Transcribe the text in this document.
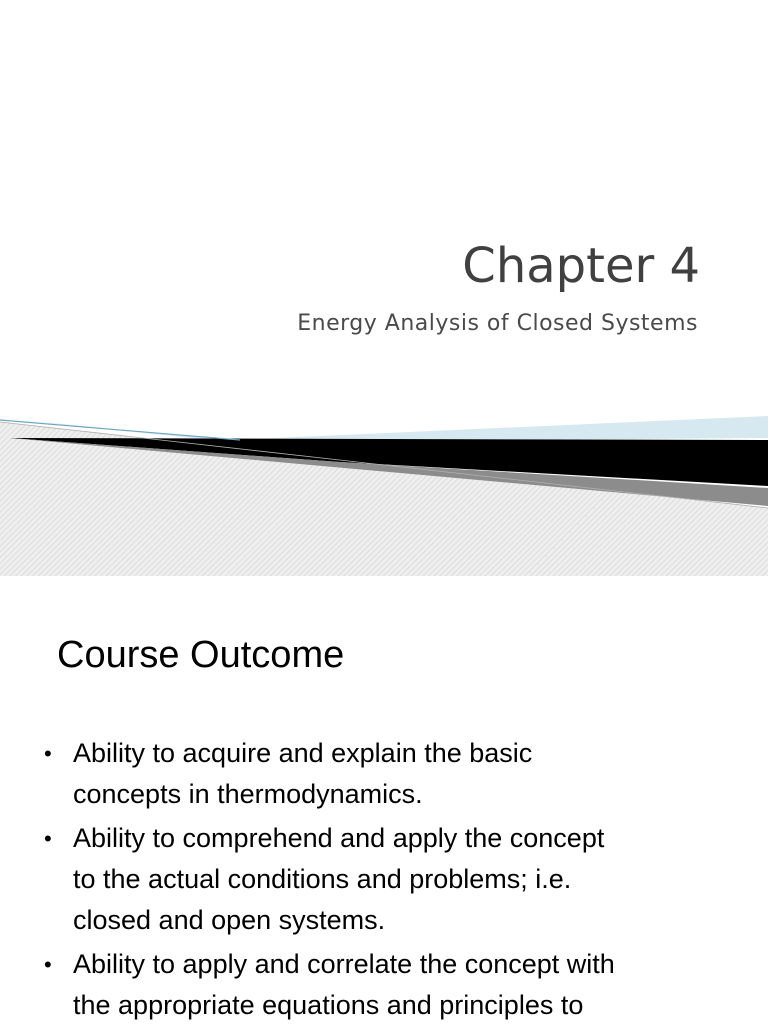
Chapter 4
Energy Analysis of Closed Systems
Course Outcome
• Ability to acquire and explain the basic
concepts in thermodynamics.
• Ability to comprehend and apply the concept
to the actual conditions and problems; i.e.
closed and open systems.
• Ability to apply and correlate the concept with
the appropriate equations and principles to
